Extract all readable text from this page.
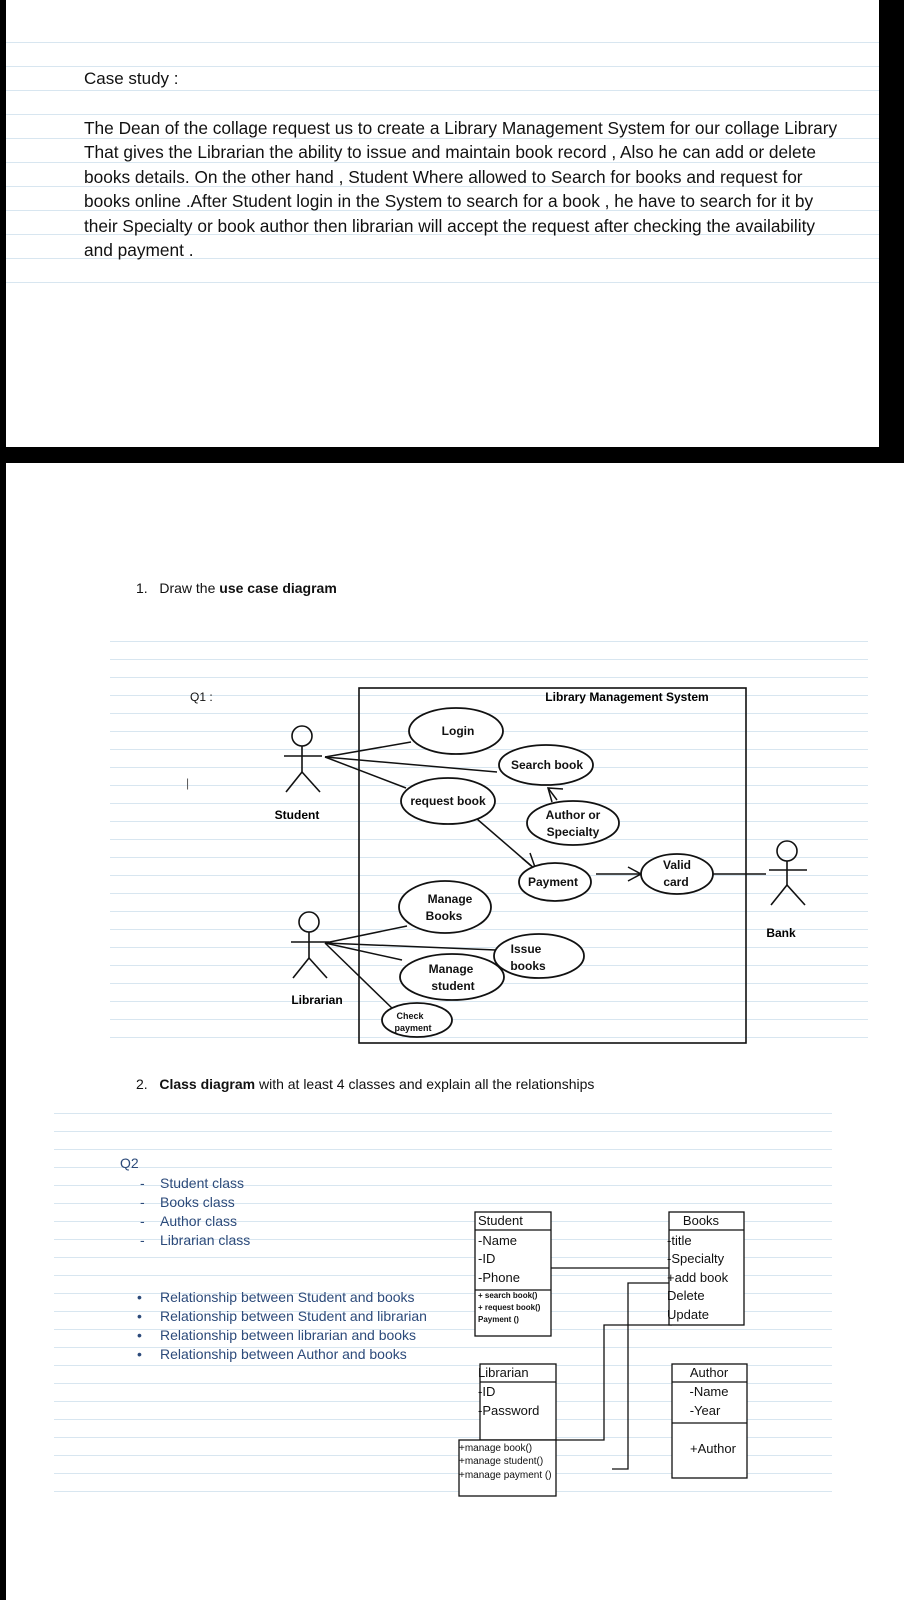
Case study :
The Dean of the collage request us to create a Library Management System for our collage Library
That gives the Librarian the ability to issue and maintain book record , Also he can add or delete
books details. On the other hand , Student Where allowed to Search for books and request for
books online .After Student login in the System to search for a book , he have to search for it by
their Specialty or book author then librarian will accept the request after checking the availability
and payment .
1. Draw the use case diagram
2. Class diagram with at least 4 classes and explain all the relationships
Q2
- Student class
- Books class
- Author class
- Librarian class
• Relationship between Student and books
• Relationship between Student and librarian
• Relationship between librarian and books
• Relationship between Author and books
Q1 :
|
Library Management System
Student
Librarian
Bank
Login
Search book
request book
Author or
Specialty
Payment
Valid
card
Manage
Books
Issue
books
Manage
student
Check
payment
Student
-Name
-ID
-Phone
+ search book()
+ request book()
Payment ()
Books
-title
-Specialty
+add book
Delete
Update
Librarian
-ID
-Password
+manage book()
+manage student()
+manage payment ()
Author
-Name
-Year
+Author
